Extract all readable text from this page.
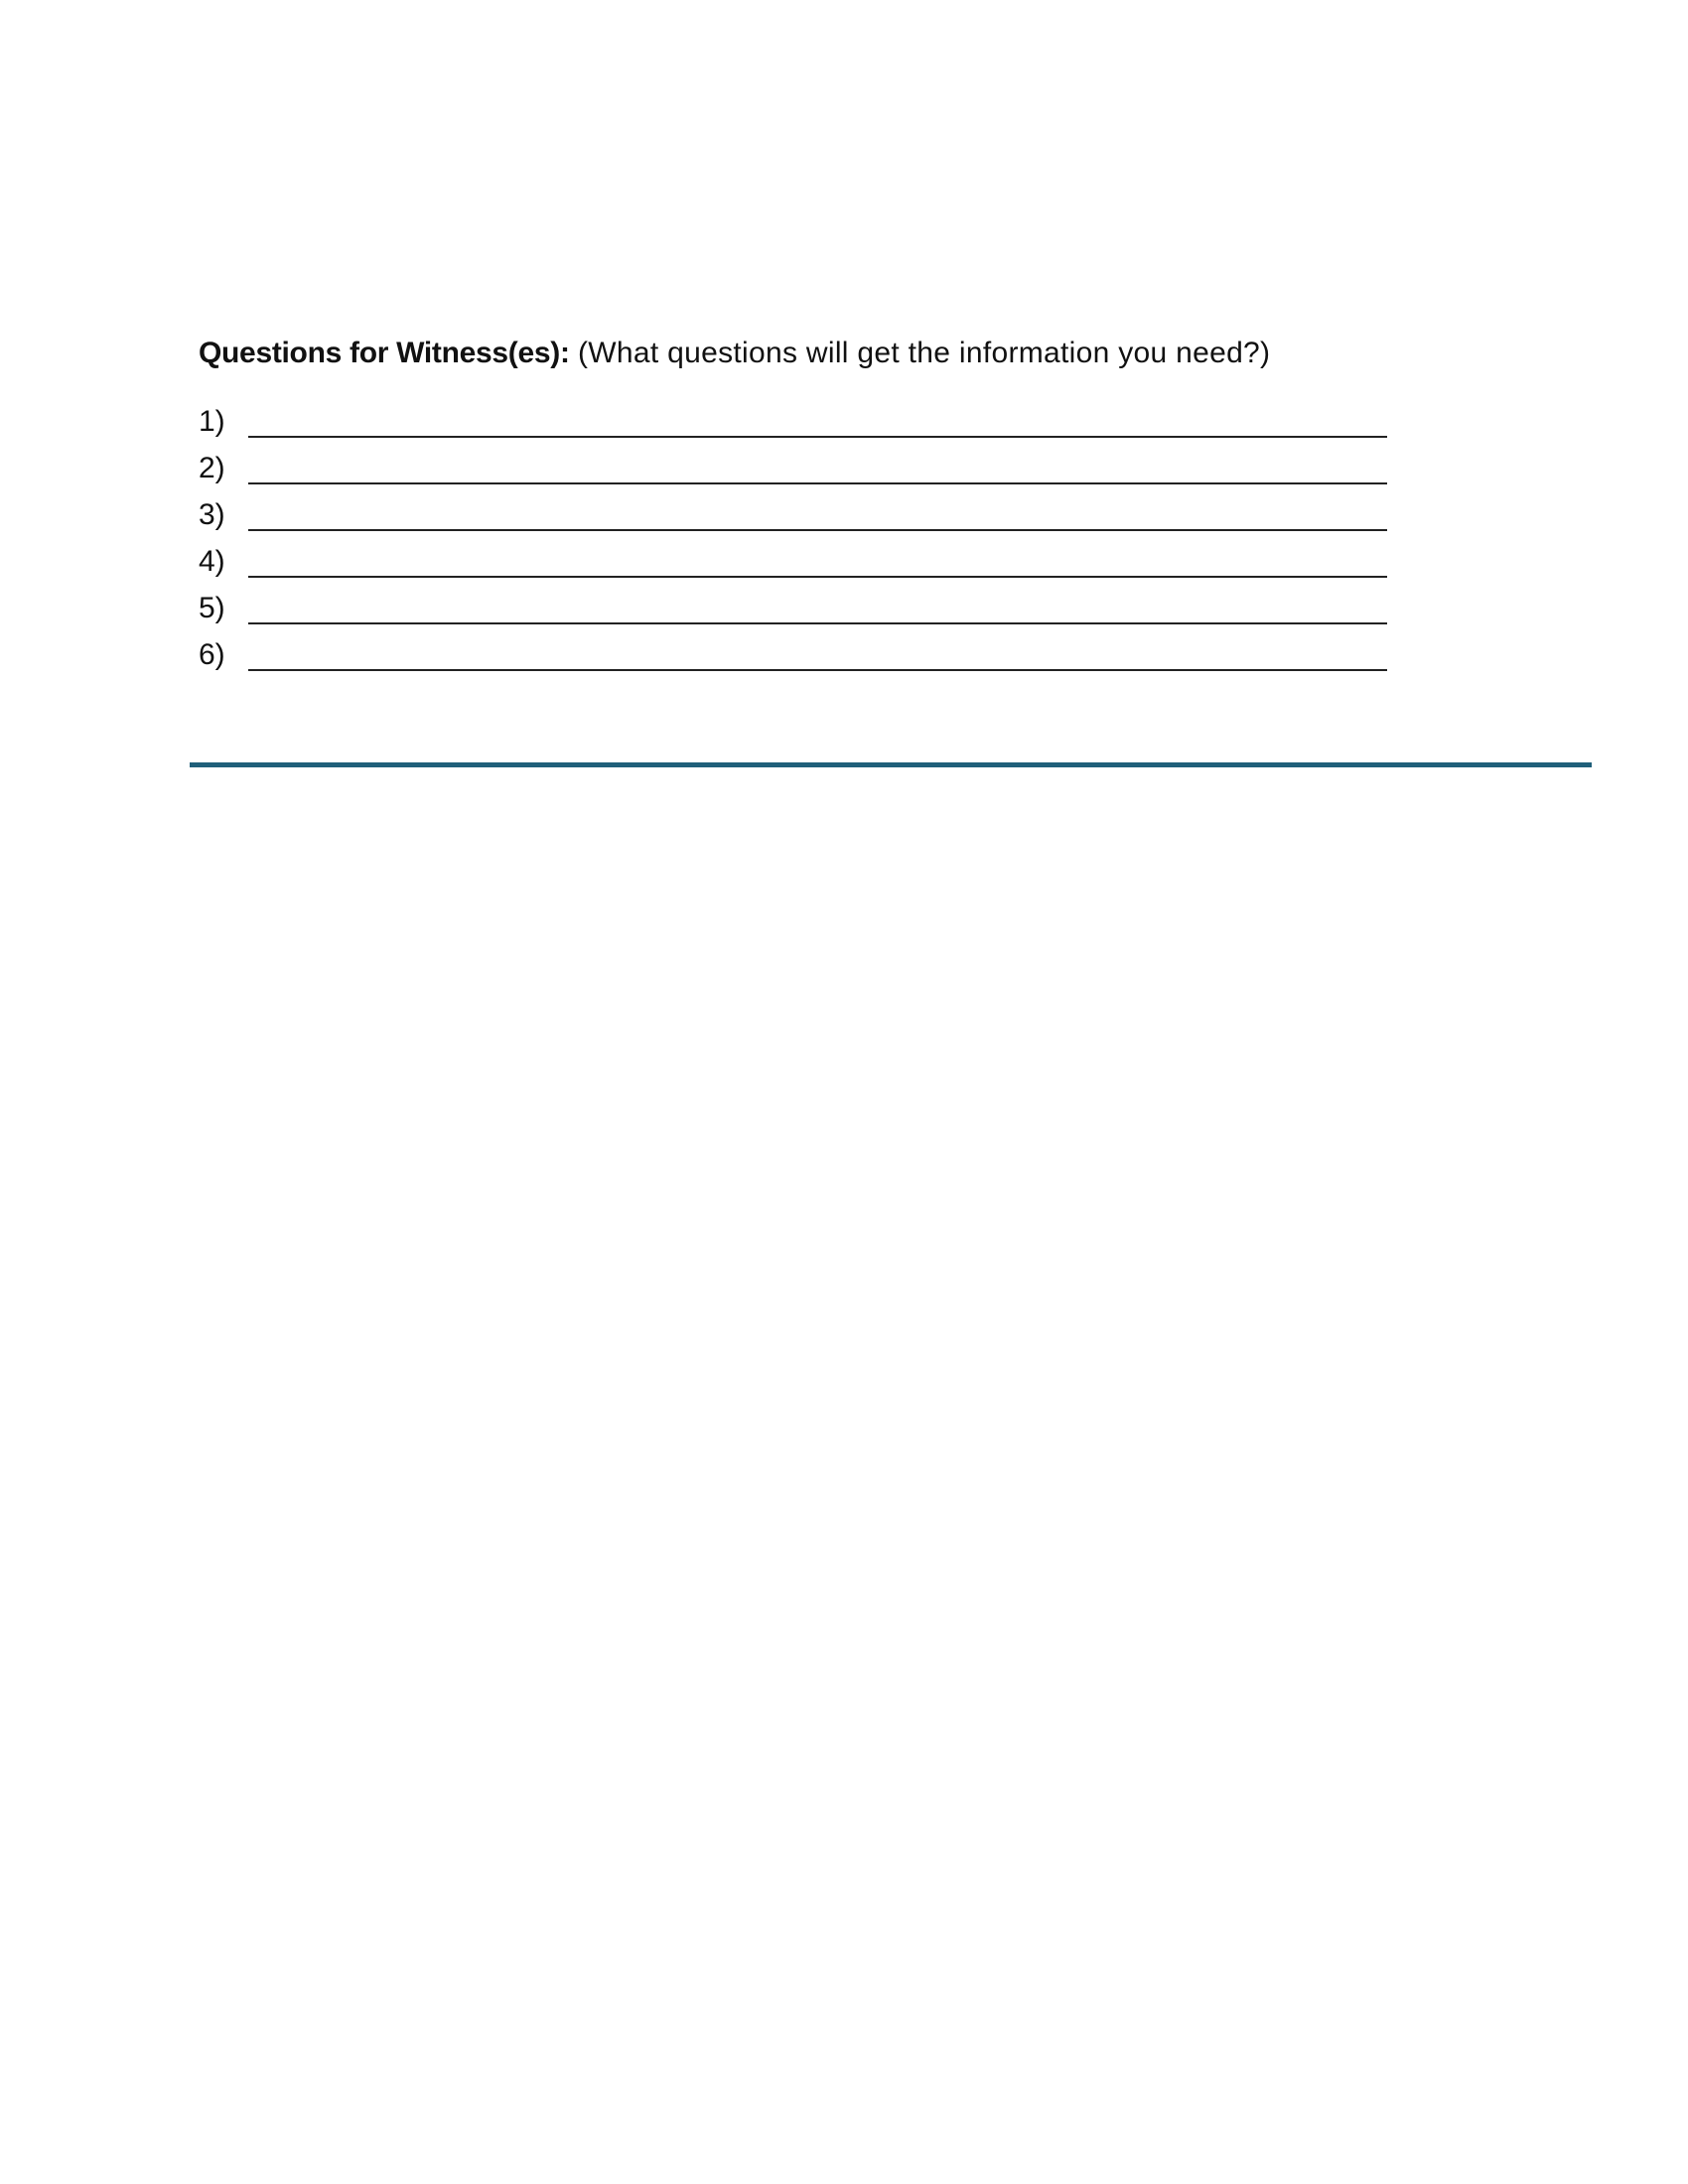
Questions for Witness(es): (What questions will get the information you need?)
1)
2)
3)
4)
5)
6)
